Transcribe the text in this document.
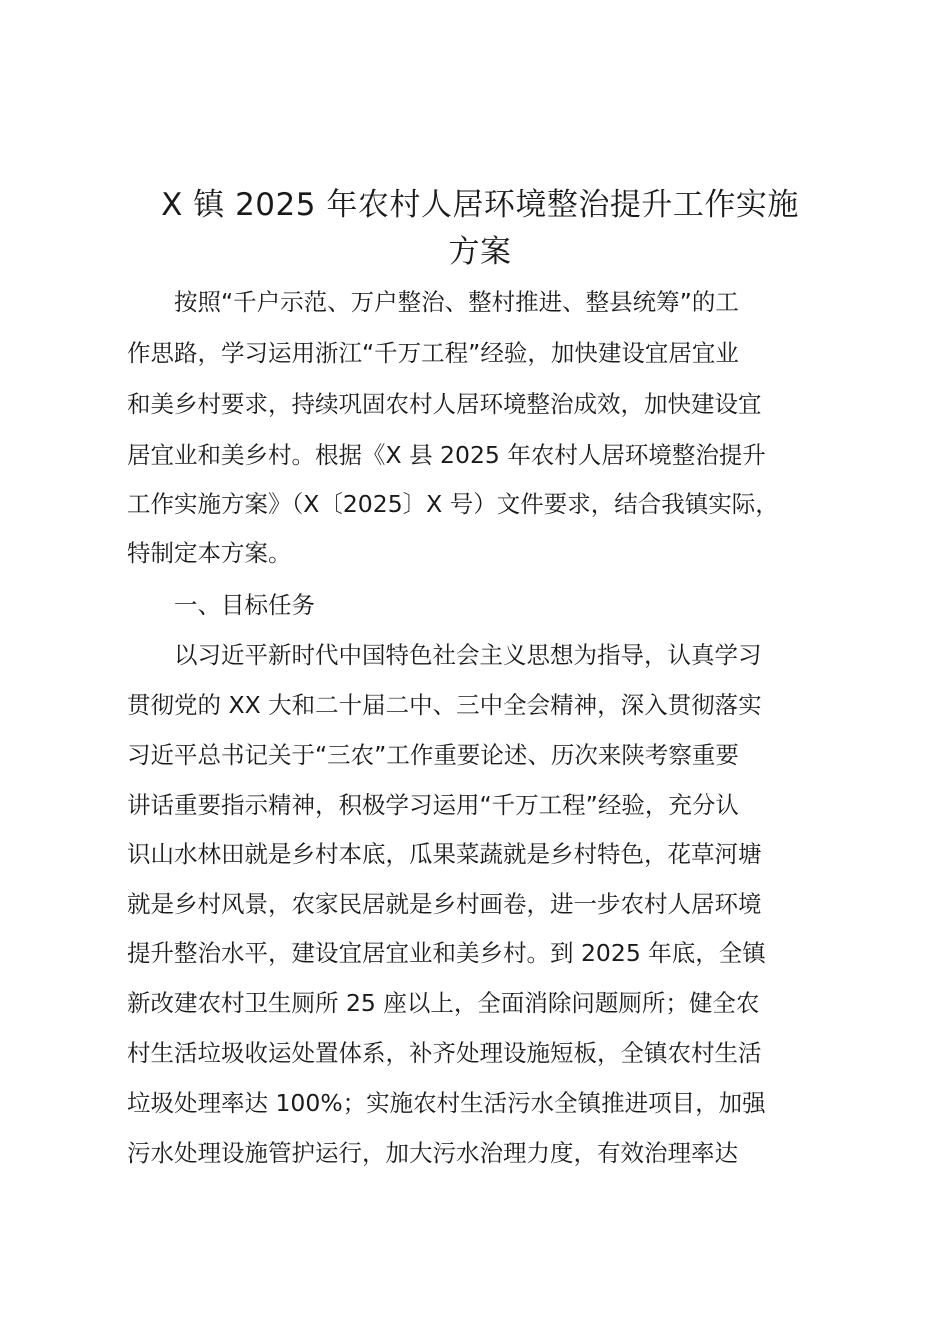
X 镇 2025 年农村人居环境整治提升工作实施
方案

　　按照“千户示范、万户整治、整村推进、整县统筹”的工

作思路，学习运用浙江“千万工程”经验，加快建设宜居宜业

和美乡村要求，持续巩固农村人居环境整治成效，加快建设宜

居宜业和美乡村。根据《X 县 2025 年农村人居环境整治提升

工作实施方案》（X〔2025〕X 号）文件要求，结合我镇实际，

特制定本方案。

　　一、目标任务

　　以习近平新时代中国特色社会主义思想为指导，认真学习

贯彻党的 XX 大和二十届二中、三中全会精神，深入贯彻落实

习近平总书记关于“三农”工作重要论述、历次来陕考察重要

讲话重要指示精神，积极学习运用“千万工程”经验，充分认

识山水林田就是乡村本底，瓜果菜蔬就是乡村特色，花草河塘

就是乡村风景，农家民居就是乡村画卷，进一步农村人居环境

提升整治水平，建设宜居宜业和美乡村。到 2025 年底，全镇

新改建农村卫生厕所 25 座以上，全面消除问题厕所；健全农

村生活垃圾收运处置体系，补齐处理设施短板，全镇农村生活

垃圾处理率达 100%；实施农村生活污水全镇推进项目，加强

污水处理设施管护运行，加大污水治理力度，有效治理率达
